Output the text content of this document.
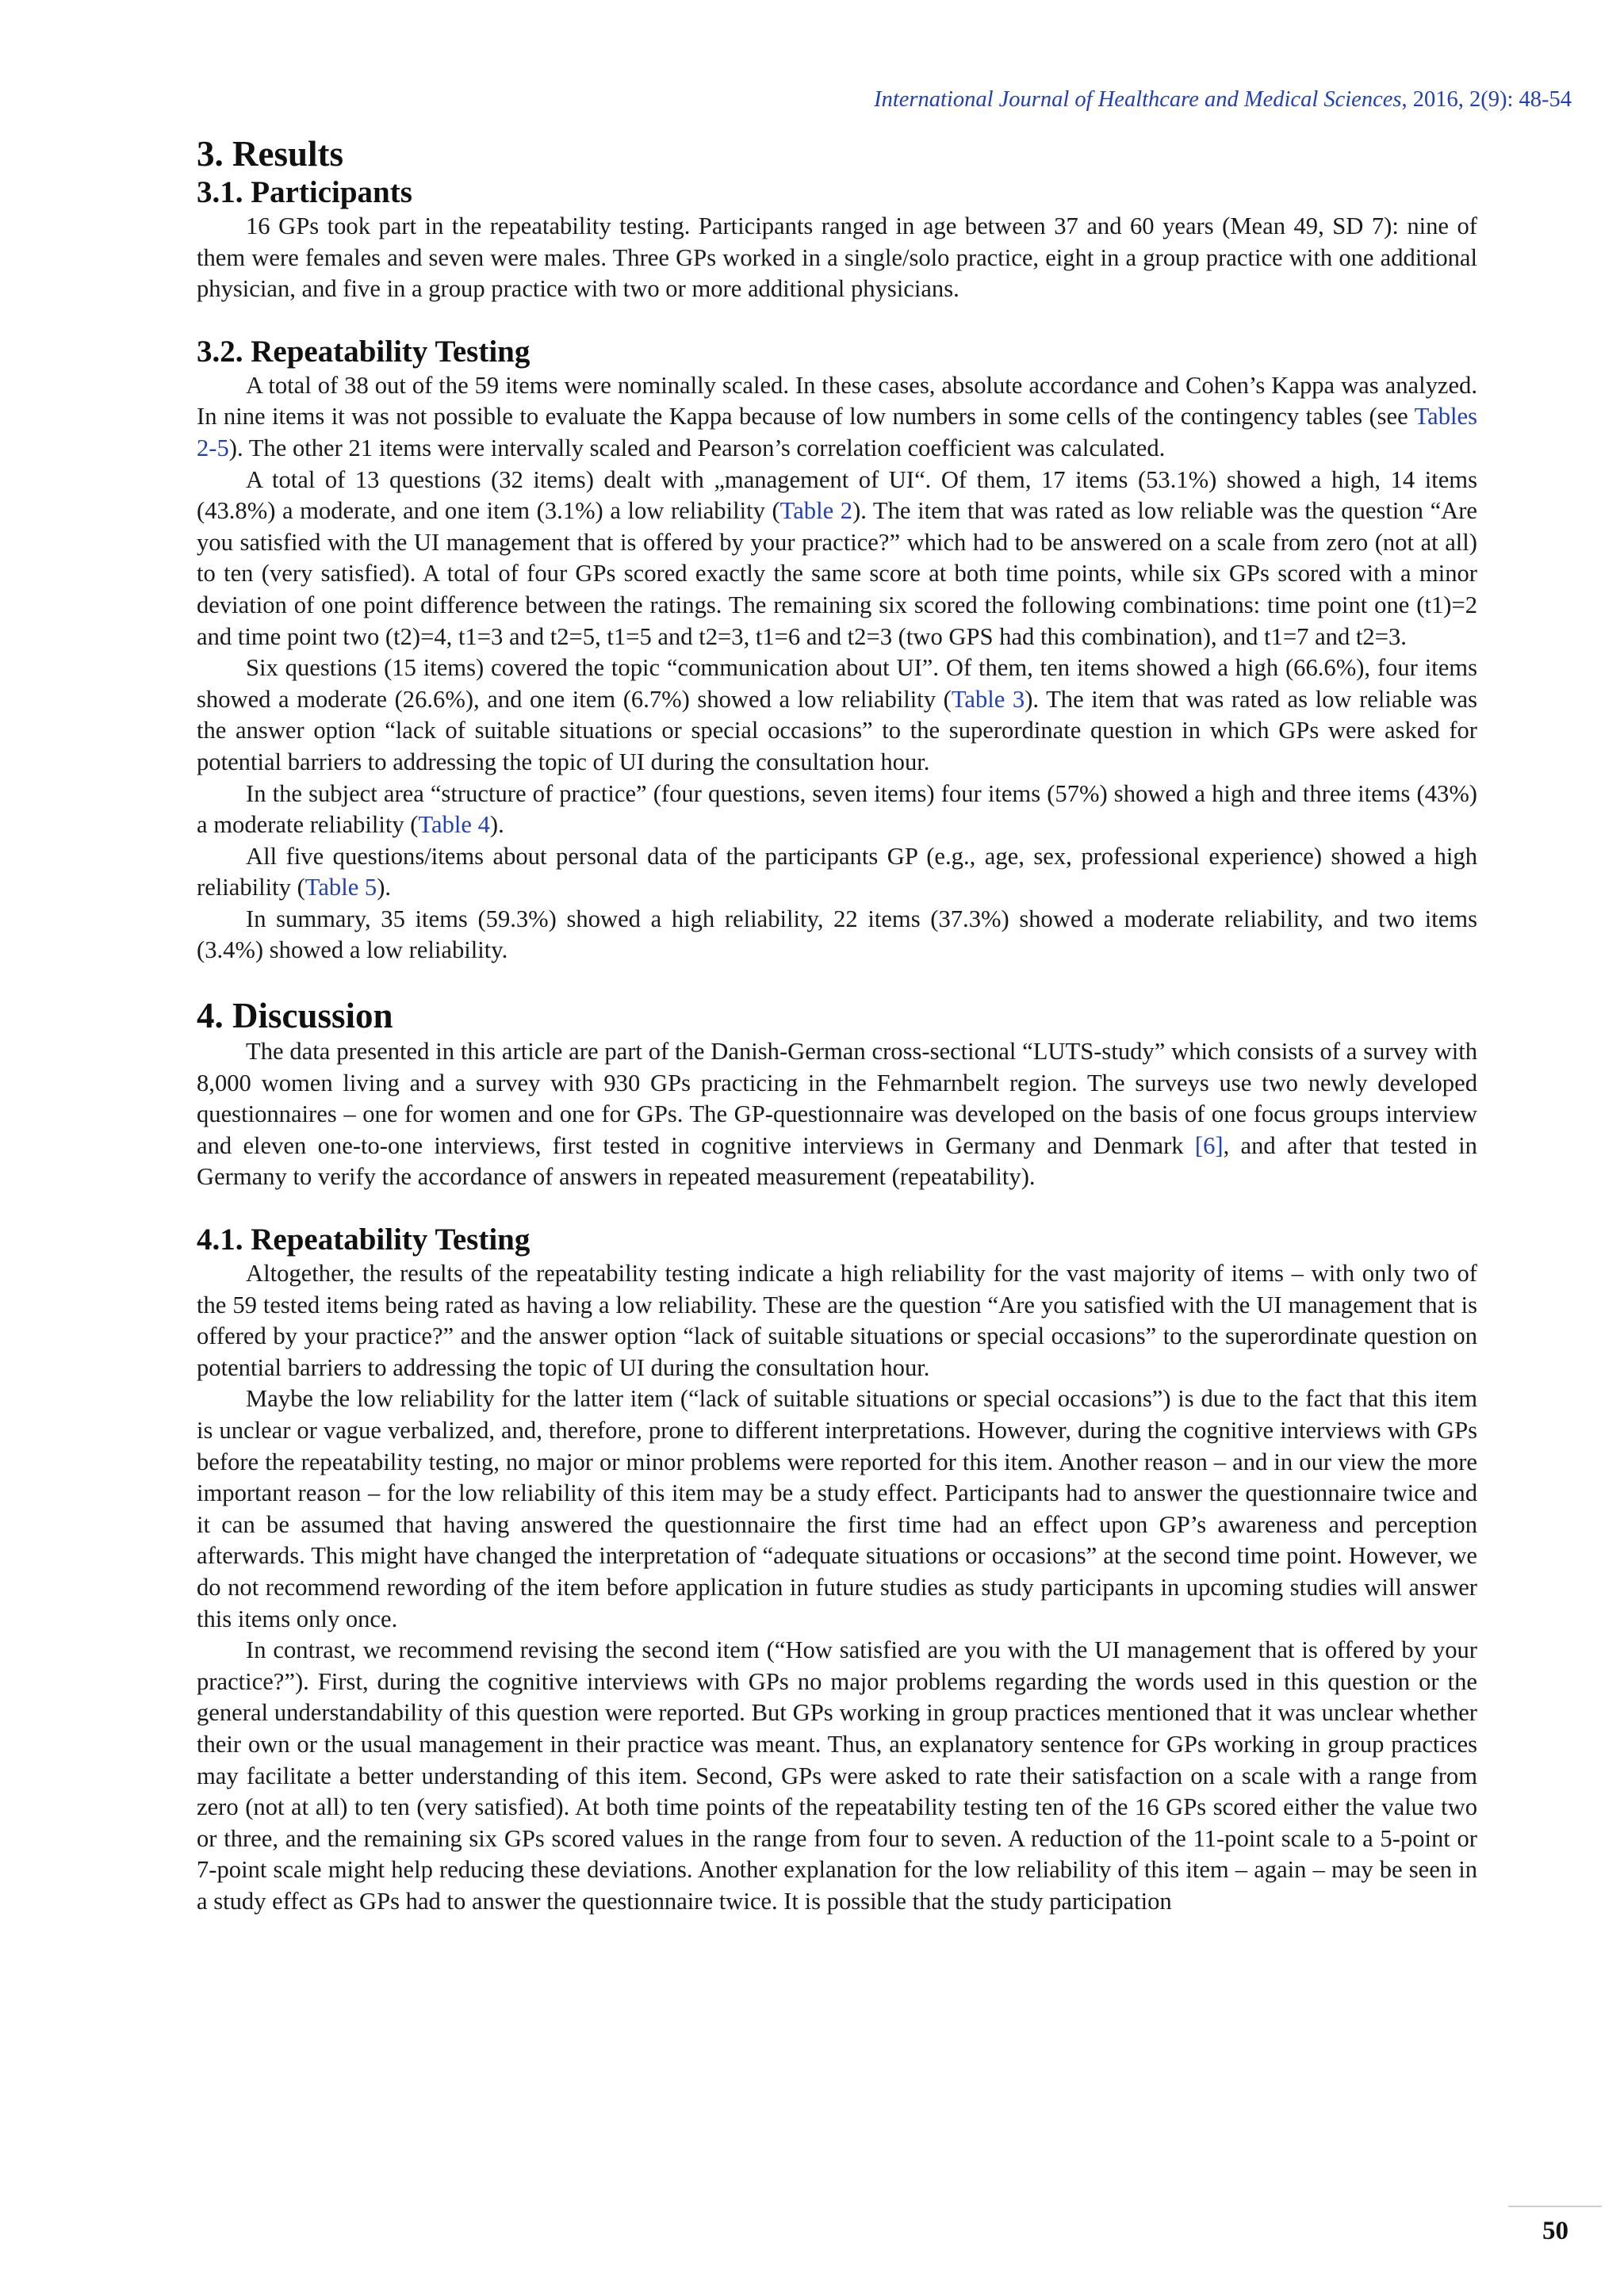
International Journal of Healthcare and Medical Sciences, 2016, 2(9): 48-54
3. Results
3.1. Participants

16 GPs took part in the repeatability testing. Participants ranged in age between 37 and 60 years (Mean 49, SD 7): nine of them were females and seven were males. Three GPs worked in a single/solo practice, eight in a group practice with one additional physician, and five in a group practice with two or more additional physicians.

3.2. Repeatability Testing

A total of 38 out of the 59 items were nominally scaled. In these cases, absolute accordance and Cohen’s Kappa was analyzed. In nine items it was not possible to evaluate the Kappa because of low numbers in some cells of the contingency tables (see Tables 2-5). The other 21 items were intervally scaled and Pearson’s correlation coefficient was calculated.

A total of 13 questions (32 items) dealt with „management of UI“. Of them, 17 items (53.1%) showed a high, 14 items (43.8%) a moderate, and one item (3.1%) a low reliability (Table 2). The item that was rated as low reliable was the question “Are you satisfied with the UI management that is offered by your practice?” which had to be answered on a scale from zero (not at all) to ten (very satisfied). A total of four GPs scored exactly the same score at both time points, while six GPs scored with a minor deviation of one point difference between the ratings. The remaining six scored the following combinations: time point one (t1)=2 and time point two (t2)=4, t1=3 and t2=5, t1=5 and t2=3, t1=6 and t2=3 (two GPS had this combination), and t1=7 and t2=3.

Six questions (15 items) covered the topic “communication about UI”. Of them, ten items showed a high (66.6%), four items showed a moderate (26.6%), and one item (6.7%) showed a low reliability (Table 3). The item that was rated as low reliable was the answer option “lack of suitable situations or special occasions” to the superordinate question in which GPs were asked for potential barriers to addressing the topic of UI during the consultation hour.

In the subject area “structure of practice” (four questions, seven items) four items (57%) showed a high and three items (43%) a moderate reliability (Table 4).

All five questions/items about personal data of the participants GP (e.g., age, sex, professional experience) showed a high reliability (Table 5).

In summary, 35 items (59.3%) showed a high reliability, 22 items (37.3%) showed a moderate reliability, and two items (3.4%) showed a low reliability.

4. Discussion

The data presented in this article are part of the Danish-German cross-sectional “LUTS-study” which consists of a survey with 8,000 women living and a survey with 930 GPs practicing in the Fehmarnbelt region. The surveys use two newly developed questionnaires – one for women and one for GPs. The GP-questionnaire was developed on the basis of one focus groups interview and eleven one-to-one interviews, first tested in cognitive interviews in Germany and Denmark [6], and after that tested in Germany to verify the accordance of answers in repeated measurement (repeatability).

4.1. Repeatability Testing

Altogether, the results of the repeatability testing indicate a high reliability for the vast majority of items – with only two of the 59 tested items being rated as having a low reliability. These are the question “Are you satisfied with the UI management that is offered by your practice?” and the answer option “lack of suitable situations or special occasions” to the superordinate question on potential barriers to addressing the topic of UI during the consultation hour.

Maybe the low reliability for the latter item (“lack of suitable situations or special occasions”) is due to the fact that this item is unclear or vague verbalized, and, therefore, prone to different interpretations. However, during the cognitive interviews with GPs before the repeatability testing, no major or minor problems were reported for this item. Another reason – and in our view the more important reason – for the low reliability of this item may be a study effect. Participants had to answer the questionnaire twice and it can be assumed that having answered the questionnaire the first time had an effect upon GP’s awareness and perception afterwards. This might have changed the interpretation of “adequate situations or occasions” at the second time point. However, we do not recommend rewording of the item before application in future studies as study participants in upcoming studies will answer this items only once.

In contrast, we recommend revising the second item (“How satisfied are you with the UI management that is offered by your practice?”). First, during the cognitive interviews with GPs no major problems regarding the words used in this question or the general understandability of this question were reported. But GPs working in group practices mentioned that it was unclear whether their own or the usual management in their practice was meant. Thus, an explanatory sentence for GPs working in group practices may facilitate a better understanding of this item. Second, GPs were asked to rate their satisfaction on a scale with a range from zero (not at all) to ten (very satisfied). At both time points of the repeatability testing ten of the 16 GPs scored either the value two or three, and the remaining six GPs scored values in the range from four to seven. A reduction of the 11-point scale to a 5-point or 7-point scale might help reducing these deviations. Another explanation for the low reliability of this item – again – may be seen in a study effect as GPs had to answer the questionnaire twice. It is possible that the study participation

50
